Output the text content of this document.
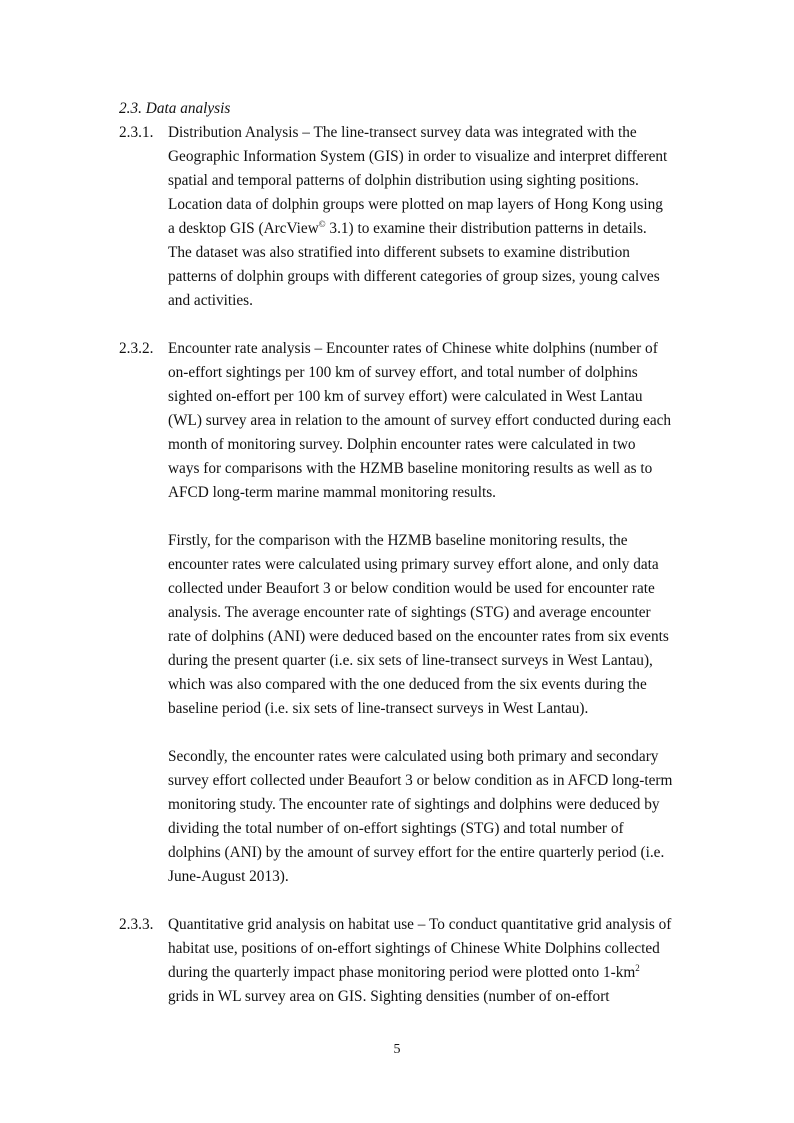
2.3. Data analysis
2.3.1. Distribution Analysis – The line-transect survey data was integrated with the
Geographic Information System (GIS) in order to visualize and interpret different
spatial and temporal patterns of dolphin distribution using sighting positions.
Location data of dolphin groups were plotted on map layers of Hong Kong using
a desktop GIS (ArcView© 3.1) to examine their distribution patterns in details.
The dataset was also stratified into different subsets to examine distribution
patterns of dolphin groups with different categories of group sizes, young calves
and activities.
2.3.2. Encounter rate analysis – Encounter rates of Chinese white dolphins (number of
on-effort sightings per 100 km of survey effort, and total number of dolphins
sighted on-effort per 100 km of survey effort) were calculated in West Lantau
(WL) survey area in relation to the amount of survey effort conducted during each
month of monitoring survey. Dolphin encounter rates were calculated in two
ways for comparisons with the HZMB baseline monitoring results as well as to
AFCD long-term marine mammal monitoring results.
Firstly, for the comparison with the HZMB baseline monitoring results, the
encounter rates were calculated using primary survey effort alone, and only data
collected under Beaufort 3 or below condition would be used for encounter rate
analysis. The average encounter rate of sightings (STG) and average encounter
rate of dolphins (ANI) were deduced based on the encounter rates from six events
during the present quarter (i.e. six sets of line-transect surveys in West Lantau),
which was also compared with the one deduced from the six events during the
baseline period (i.e. six sets of line-transect surveys in West Lantau).
Secondly, the encounter rates were calculated using both primary and secondary
survey effort collected under Beaufort 3 or below condition as in AFCD long-term
monitoring study. The encounter rate of sightings and dolphins were deduced by
dividing the total number of on-effort sightings (STG) and total number of
dolphins (ANI) by the amount of survey effort for the entire quarterly period (i.e.
June-August 2013).
2.3.3. Quantitative grid analysis on habitat use – To conduct quantitative grid analysis of
habitat use, positions of on-effort sightings of Chinese White Dolphins collected
during the quarterly impact phase monitoring period were plotted onto $1-km^2$
grids in WL survey area on GIS. Sighting densities (number of on-effort
5
